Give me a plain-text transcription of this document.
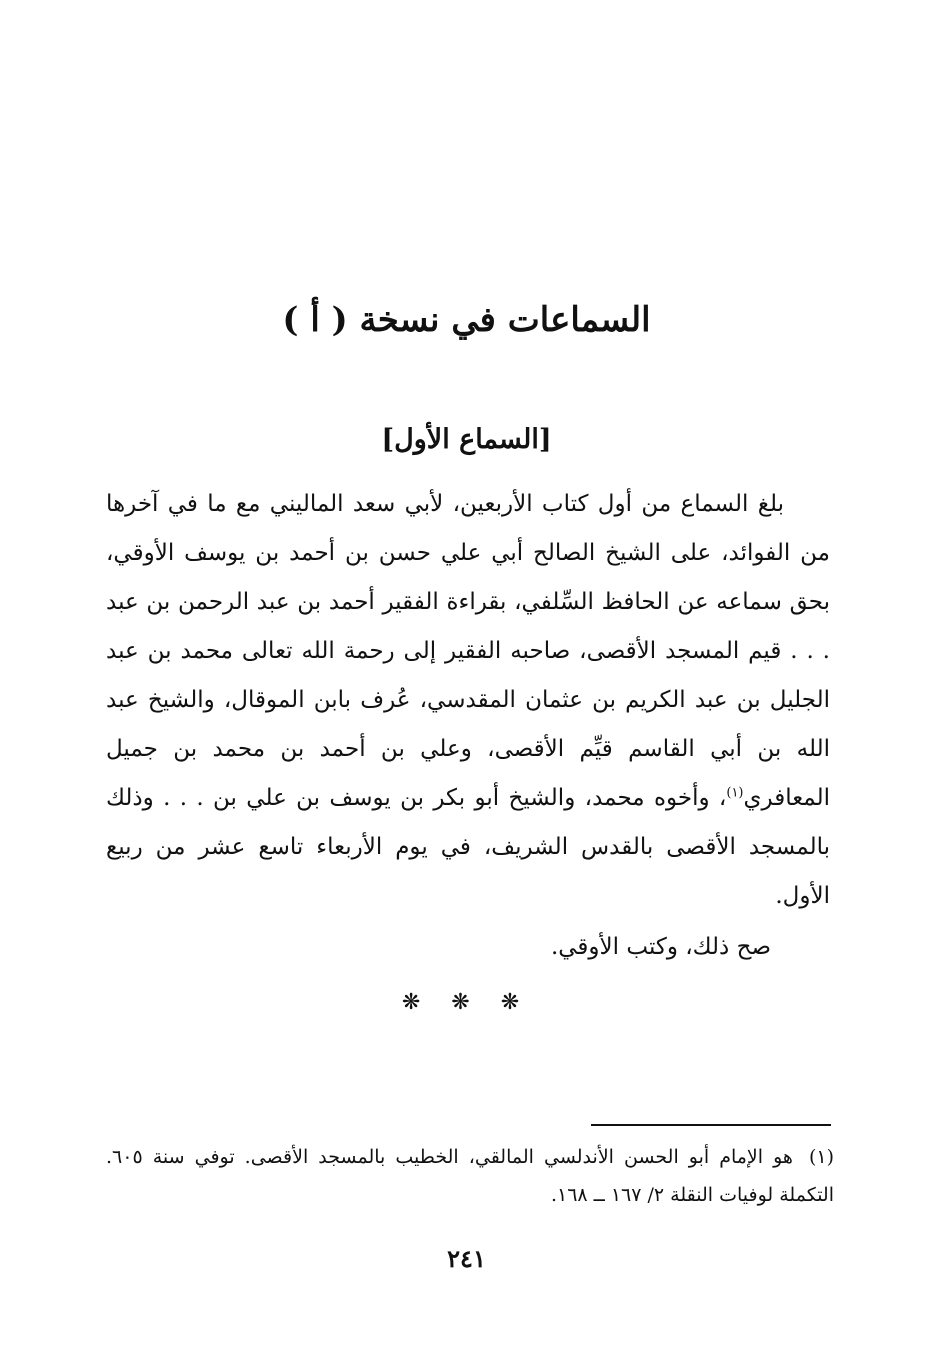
السماعات في نسخة ( أ )
[السماع الأول]

بلغ السماع من أول كتاب الأربعين، لأبي سعد الماليني مع ما في آخرها من الفوائد، على الشيخ الصالح أبي علي حسن بن أحمد بن يوسف الأوقي، بحق سماعه عن الحافظ السِّلفي، بقراءة الفقير أحمد بن عبد الرحمن بن عبد . . . قيم المسجد الأقصى، صاحبه الفقير إلى رحمة الله تعالى محمد بن عبد الجليل بن عبد الكريم بن عثمان المقدسي، عُرف بابن الموقال، والشيخ عبد الله بن أبي القاسم قيِّم الأقصى، وعلي بن أحمد بن محمد بن جميل المعافري$^{(١)}$، وأخوه محمد، والشيخ أبو بكر بن يوسف بن علي بن . . . وذلك بالمسجد الأقصى بالقدس الشريف، في يوم الأربعاء تاسع عشر من ربيع الأول.

صح ذلك، وكتب الأوقي.
❋ ❋ ❋
(١)هو الإمام أبو الحسن الأندلسي المالقي، الخطيب بالمسجد الأقصى. توفي سنة ٦٠٥. التكملة لوفيات النقلة ٢/ ١٦٧ ــ ١٦٨.
٢٤١
